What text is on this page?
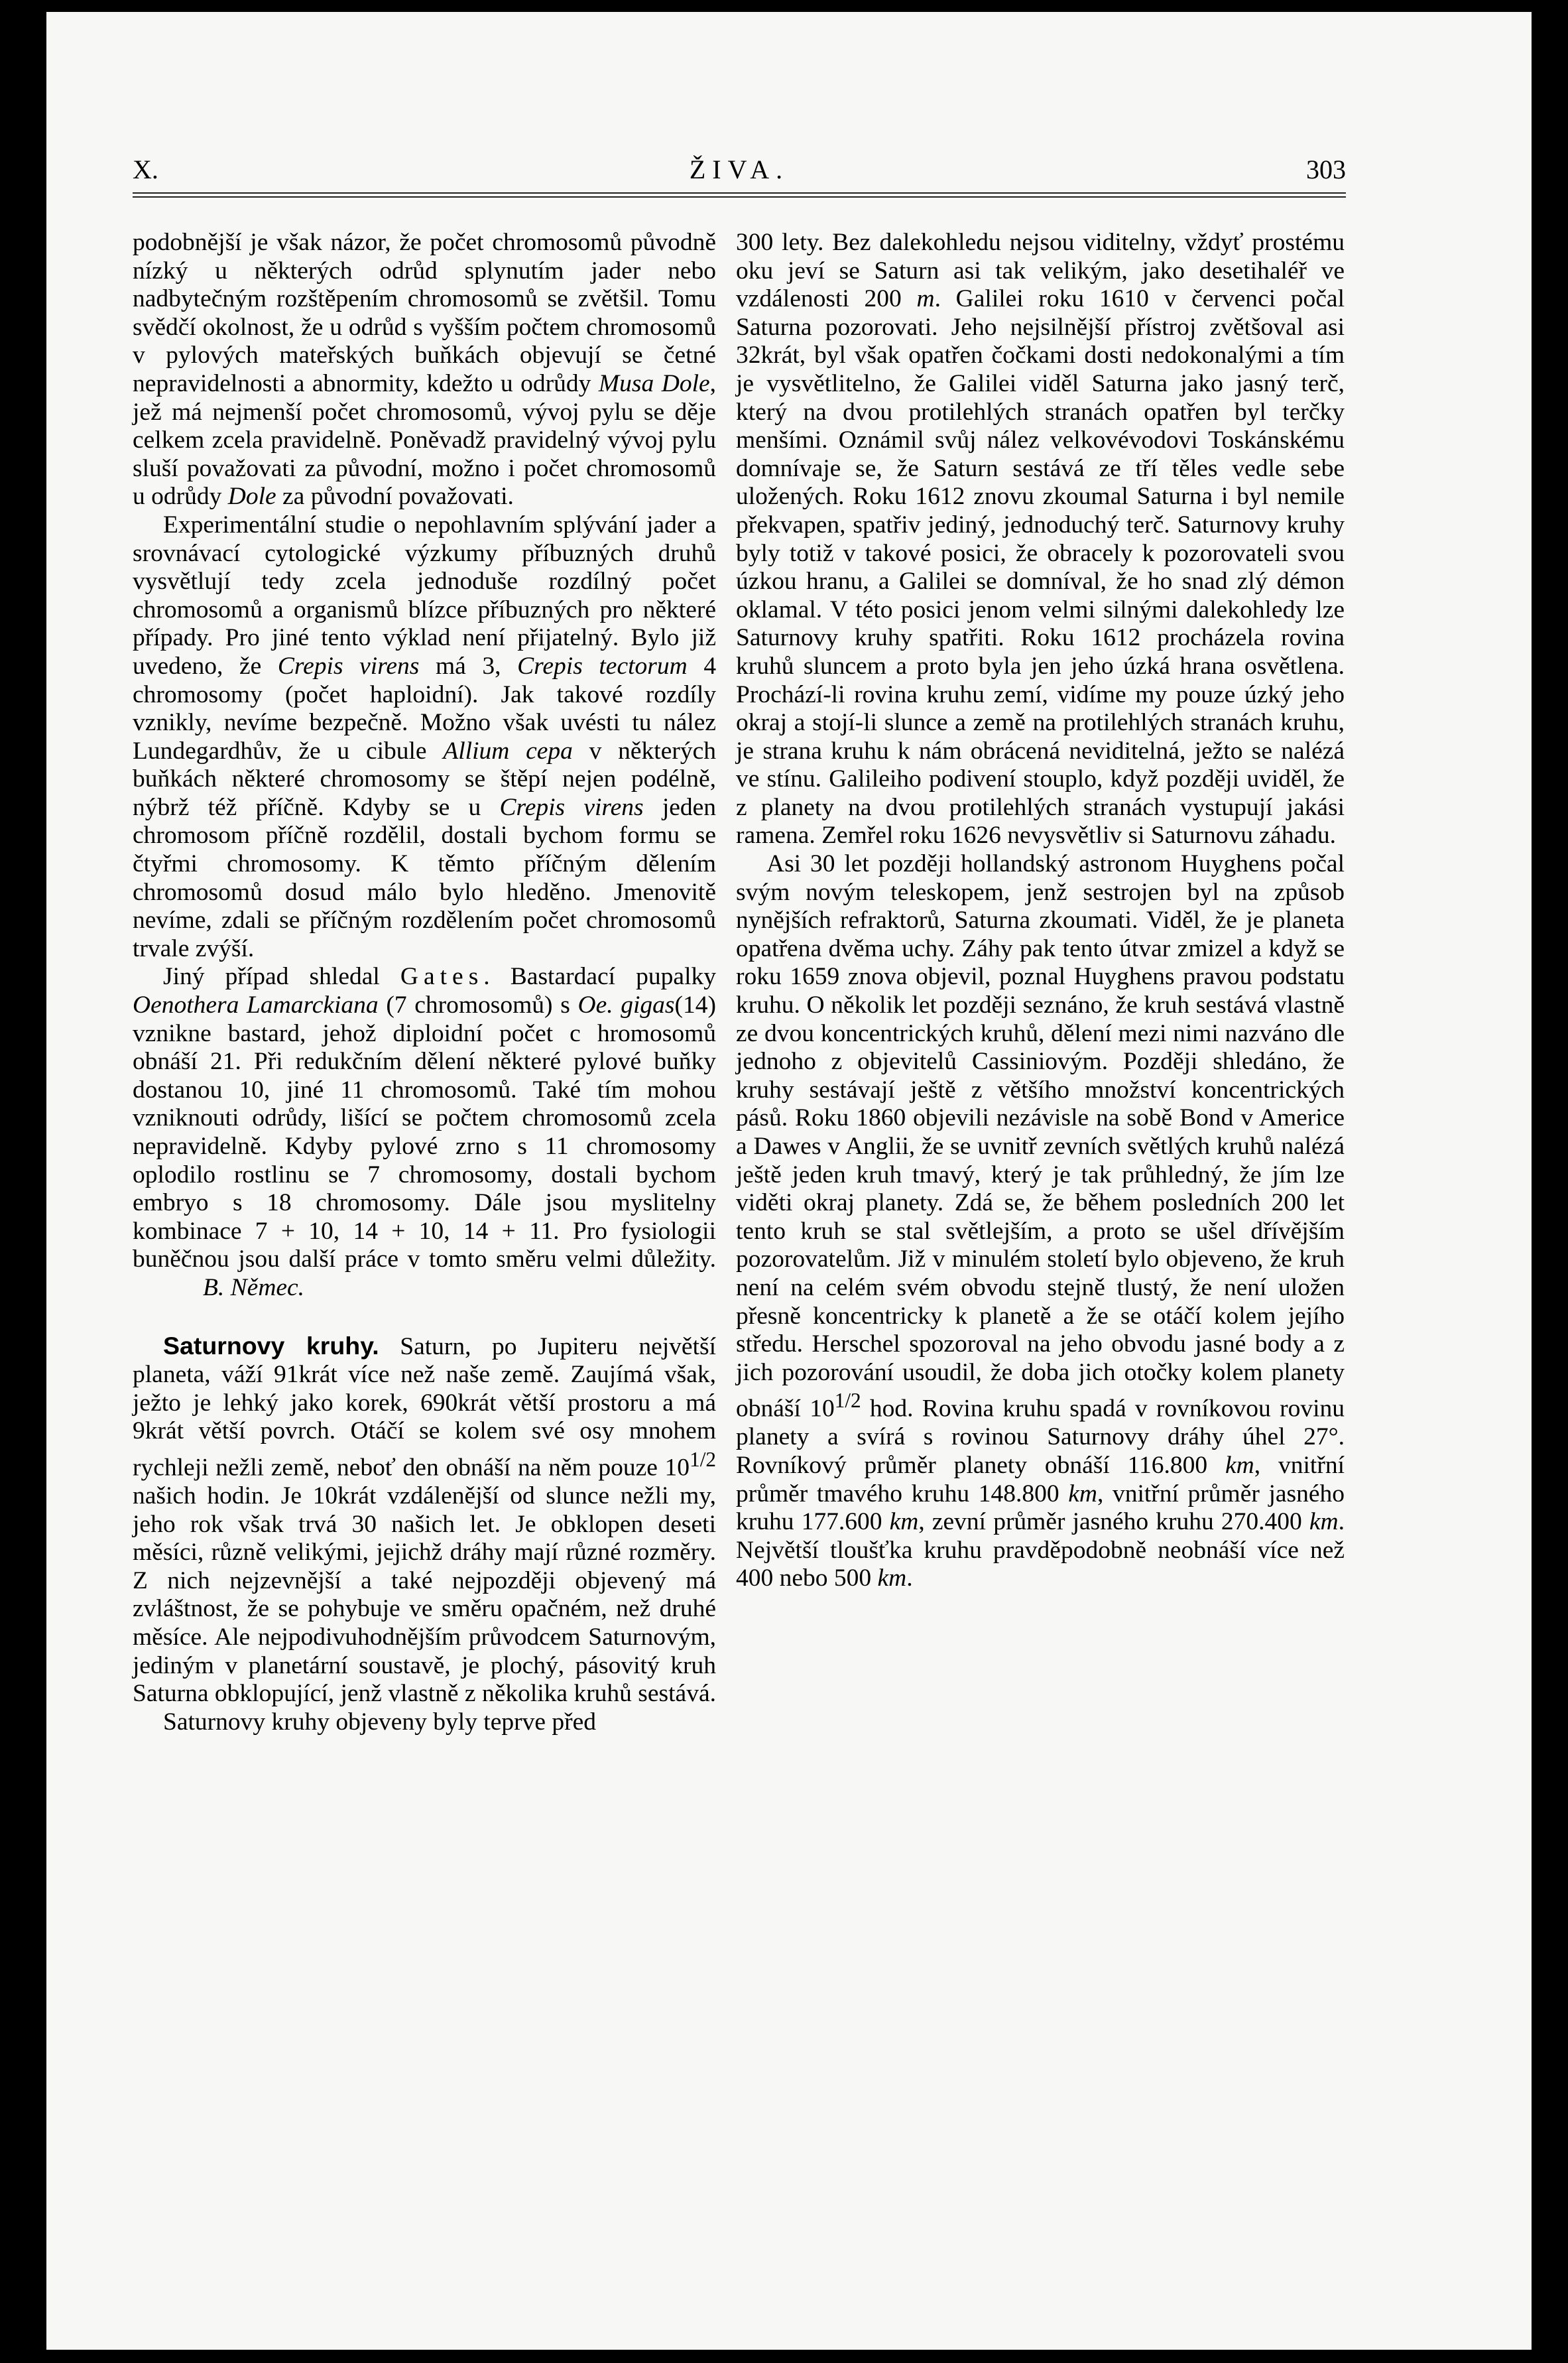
X.	ŽIVA.	303

podobnější je však názor, že počet chromosomů původně nízký u některých odrůd splynutím jader nebo nadbytečným rozštěpením chromosomů se zvětšil. Tomu svědčí okolnost, že u odrůd s vyšším počtem chromosomů v pylových mateřských buňkách objevují se četné nepravidelnosti a abnormity, kdežto u odrůdy Musa Dole, jež má nejmenší počet chromosomů, vývoj pylu se děje celkem zcela pravidelně. Poněvadž pravidelný vývoj pylu sluší považovati za původní, možno i počet chromosomů u odrůdy Dole za původní považovati.

Experimentální studie o nepohlavním splývání jader a srovnávací cytologické výzkumy příbuzných druhů vysvětlují tedy zcela jednoduše rozdílný počet chromosomů a organismů blízce příbuzných pro některé případy. Pro jiné tento výklad není přijatelný. Bylo již uvedeno, že Crepis virens má 3, Crepis tectorum 4 chromosomy (počet haploidní). Jak takové rozdíly vznikly, nevíme bezpečně. Možno však uvésti tu nález Lundegardhův, že u cibule Allium cepa v některých buňkách některé chromosomy se štěpí nejen podélně, nýbrž též příčně. Kdyby se u Crepis virens jeden chromosom příčně rozdělil, dostali bychom formu se čtyřmi chromosomy. K těmto příčným dělením chromosomů dosud málo bylo hleděno. Jmenovitě nevíme, zdali se příčným rozdělením počet chromosomů trvale zvýší.

Jiný případ shledal Gates. Bastardací pupalky Oenothera Lamarckiana (7 chromosomů) s Oe. gigas(14) vznikne bastard, jehož diploidní počet c hromosomů obnáší 21. Při redukčním dělení některé pylové buňky dostanou 10, jiné 11 chromosomů. Také tím mohou vzniknouti odrůdy, lišící se počtem chromosomů zcela nepravidelně. Kdyby pylové zrno s 11 chromosomy oplodilo rostlinu se 7 chromosomy, dostali bychom embryo s 18 chromosomy. Dále jsou myslitelny kombinace 7 + 10, 14 + 10, 14 + 11. Pro fysiologii buněčnou jsou další práce v tomto směru velmi důležity. B. Němec.

Saturnovy kruhy. Saturn, po Jupiteru největší planeta, váží 91krát více než naše země. Zaujímá však, ježto je lehký jako korek, 690krát větší prostoru a má 9krát větší povrch. Otáčí se kolem své osy mnohem rychleji nežli země, neboť den obnáší na něm pouze $10^{1/2}$ našich hodin. Je 10krát vzdálenější od slunce nežli my, jeho rok však trvá 30 našich let. Je obklopen deseti měsíci, různě velikými, jejichž dráhy mají různé rozměry. Z nich nejzevnější a také nejpozději objevený má zvláštnost, že se pohybuje ve směru opačném, než druhé měsíce. Ale nejpodivuhodnějším průvodcem Saturnovým, jediným v planetární soustavě, je plochý, pásovitý kruh Saturna obklopující, jenž vlastně z několika kruhů sestává.

Saturnovy kruhy objeveny byly teprve před

300 lety. Bez dalekohledu nejsou viditelny, vždyť prostému oku jeví se Saturn asi tak velikým, jako desetihaléř ve vzdálenosti 200 m. Galilei roku 1610 v červenci počal Saturna pozorovati. Jeho nejsilnější přístroj zvětšoval asi 32krát, byl však opatřen čočkami dosti nedokonalými a tím je vysvětlitelno, že Galilei viděl Saturna jako jasný terč, který na dvou protilehlých stranách opatřen byl terčky menšími. Oznámil svůj nález velkovévodovi Toskánskému domnívaje se, že Saturn sestává ze tří těles vedle sebe uložených. Roku 1612 znovu zkoumal Saturna i byl nemile překvapen, spatřiv jediný, jednoduchý terč. Saturnovy kruhy byly totiž v takové posici, že obracely k pozorovateli svou úzkou hranu, a Galilei se domníval, že ho snad zlý démon oklamal. V této posici jenom velmi silnými dalekohledy lze Saturnovy kruhy spatřiti. Roku 1612 procházela rovina kruhů sluncem a proto byla jen jeho úzká hrana osvětlena. Prochází-li rovina kruhu zemí, vidíme my pouze úzký jeho okraj a stojí-li slunce a země na protilehlých stranách kruhu, je strana kruhu k nám obrácená neviditelná, ježto se nalézá ve stínu. Galileiho podivení stouplo, když později uviděl, že z planety na dvou protilehlých stranách vystupují jakási ramena. Zemřel roku 1626 nevysvětliv si Saturnovu záhadu.

Asi 30 let později hollandský astronom Huyghens počal svým novým teleskopem, jenž sestrojen byl na způsob nynějších refraktorů, Saturna zkoumati. Viděl, že je planeta opatřena dvěma uchy. Záhy pak tento útvar zmizel a když se roku 1659 znova objevil, poznal Huyghens pravou podstatu kruhu. O několik let později seznáno, že kruh sestává vlastně ze dvou koncentrických kruhů, dělení mezi nimi nazváno dle jednoho z objevitelů Cassiniovým. Později shledáno, že kruhy sestávají ještě z většího množství koncentrických pásů. Roku 1860 objevili nezávisle na sobě Bond v Americe a Dawes v Anglii, že se uvnitř zevních světlých kruhů nalézá ještě jeden kruh tmavý, který je tak průhledný, že jím lze viděti okraj planety. Zdá se, že během posledních 200 let tento kruh se stal světlejším, a proto se ušel dřívějším pozorovatelům. Již v minulém století bylo objeveno, že kruh není na celém svém obvodu stejně tlustý, že není uložen přesně koncentricky k planetě a že se otáčí kolem jejího středu. Herschel spozoroval na jeho obvodu jasné body a z jich pozorování usoudil, že doba jich otočky kolem planety obnáší $10^{1/2}$ hod. Rovina kruhu spadá v rovníkovou rovinu planety a svírá s rovinou Saturnovy dráhy úhel 27°. Rovníkový průměr planety obnáší 116.800 km, vnitřní průměr tmavého kruhu 148.800 km, vnitřní průměr jasného kruhu 177.600 km, zevní průměr jasného kruhu 270.400 km. Největší tloušťka kruhu pravděpodobně neobnáší více než 400 nebo 500 km.
